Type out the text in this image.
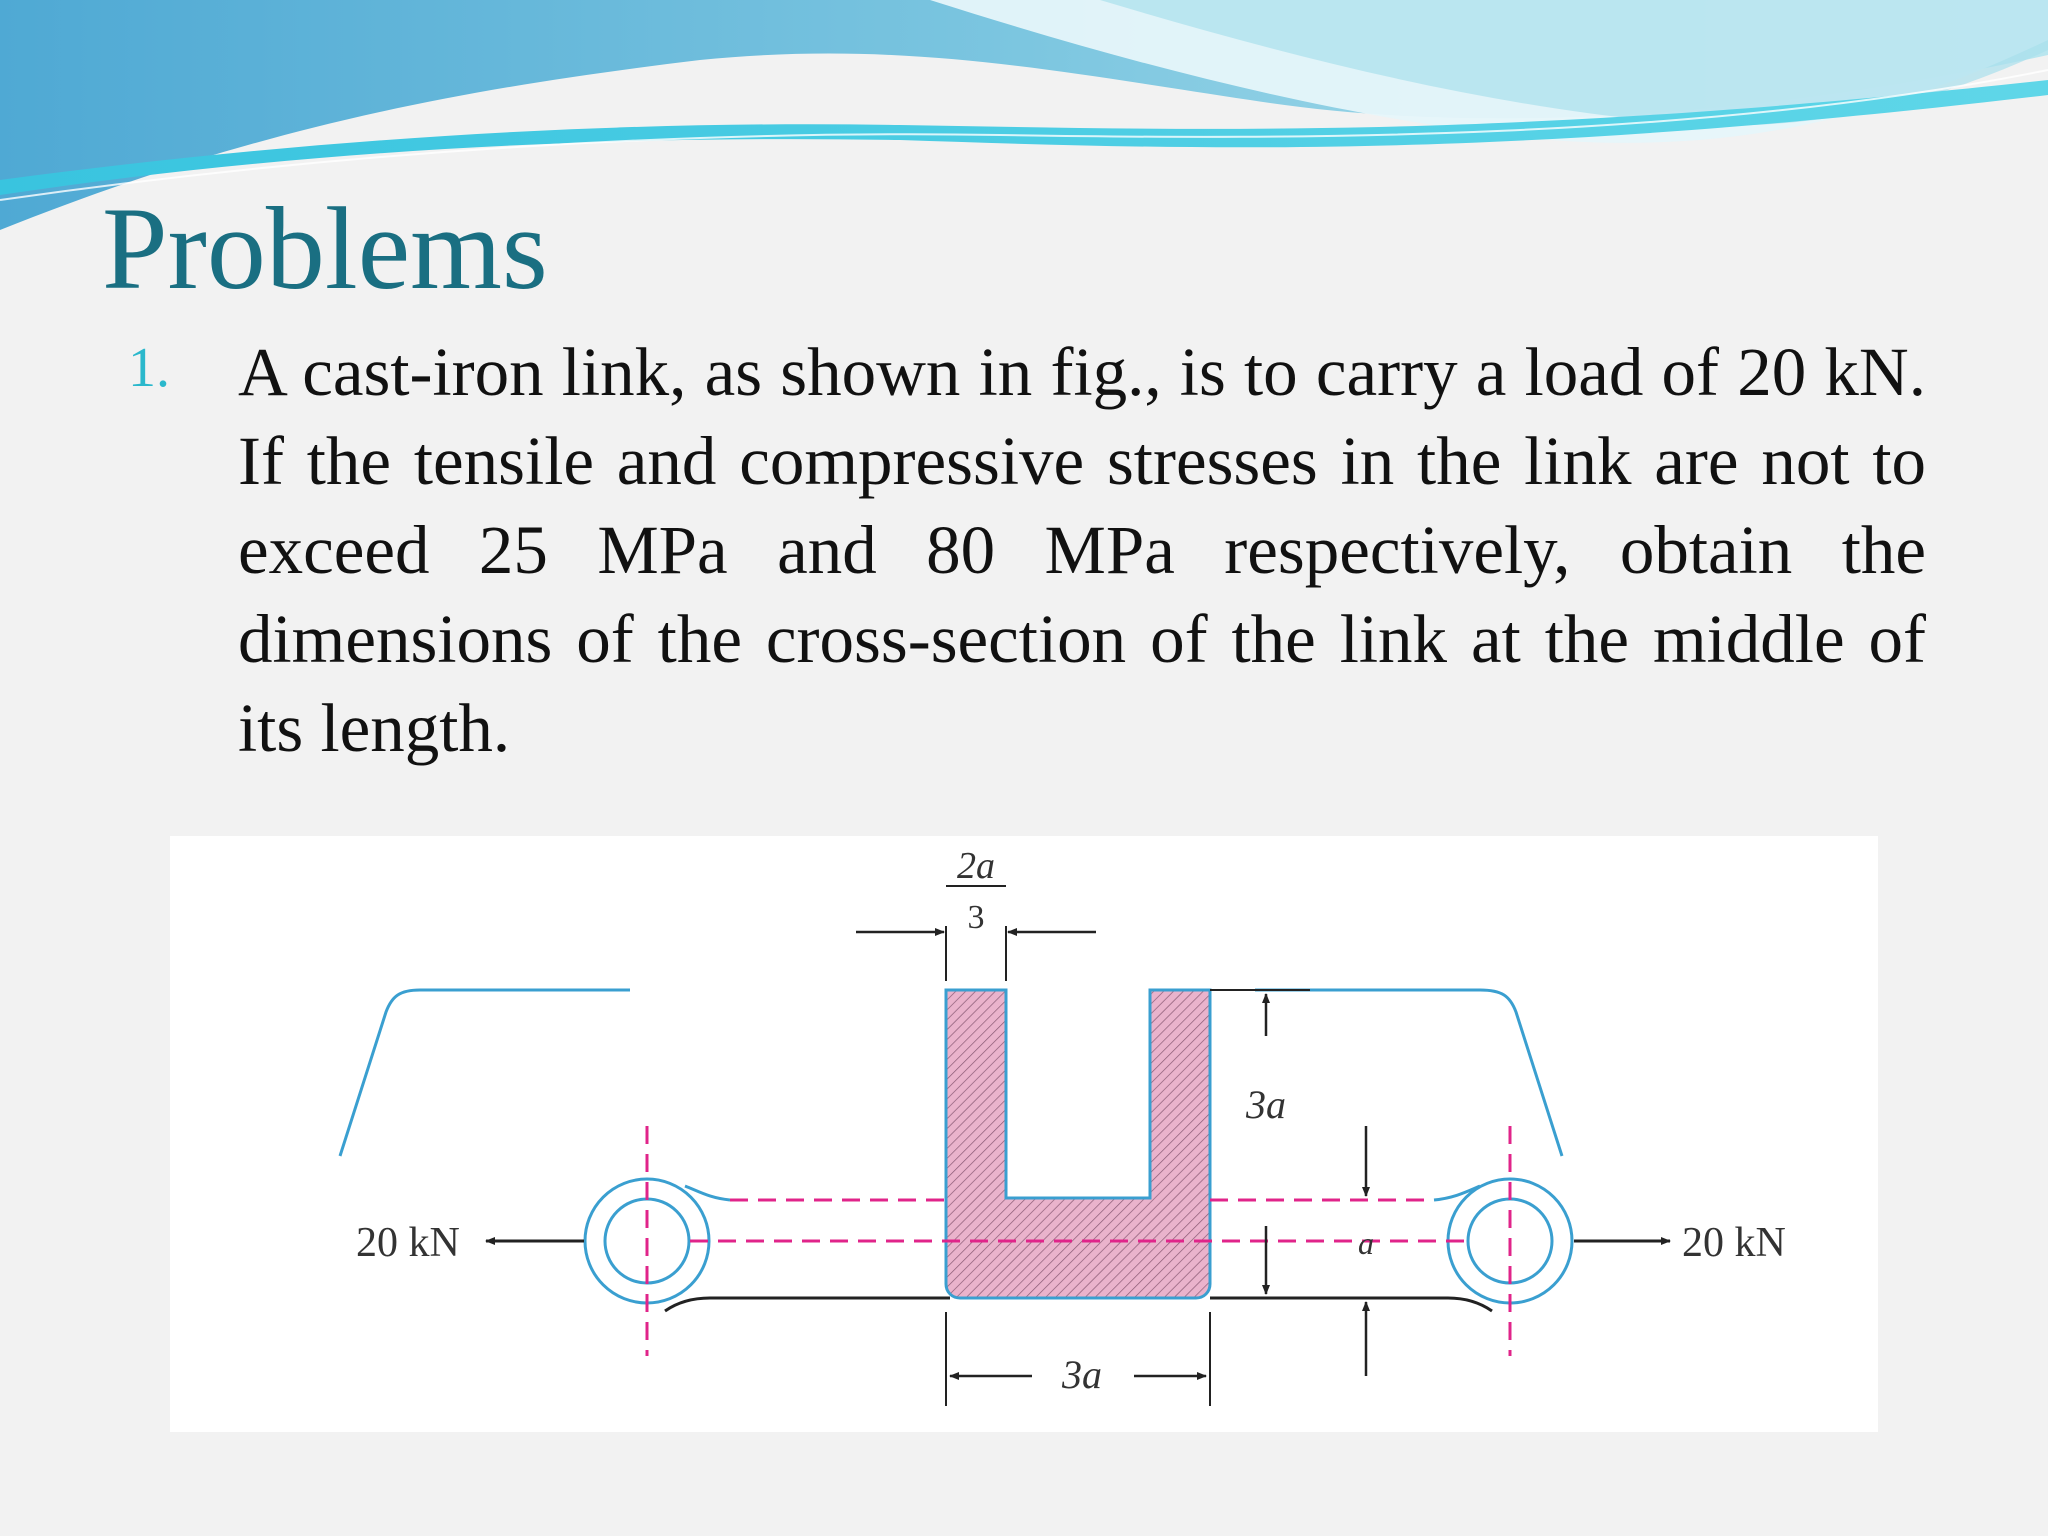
Problems
1. A cast-iron link, as shown in fig., is to carry a load of 20 kN. If the tensile and compressive stresses in the link are not to exceed 25 MPa and 80 MPa respectively, obtain the dimensions of the cross-section of the link at the middle of its length.

2a
3
3a
a
3a
20 kN	20 kN
